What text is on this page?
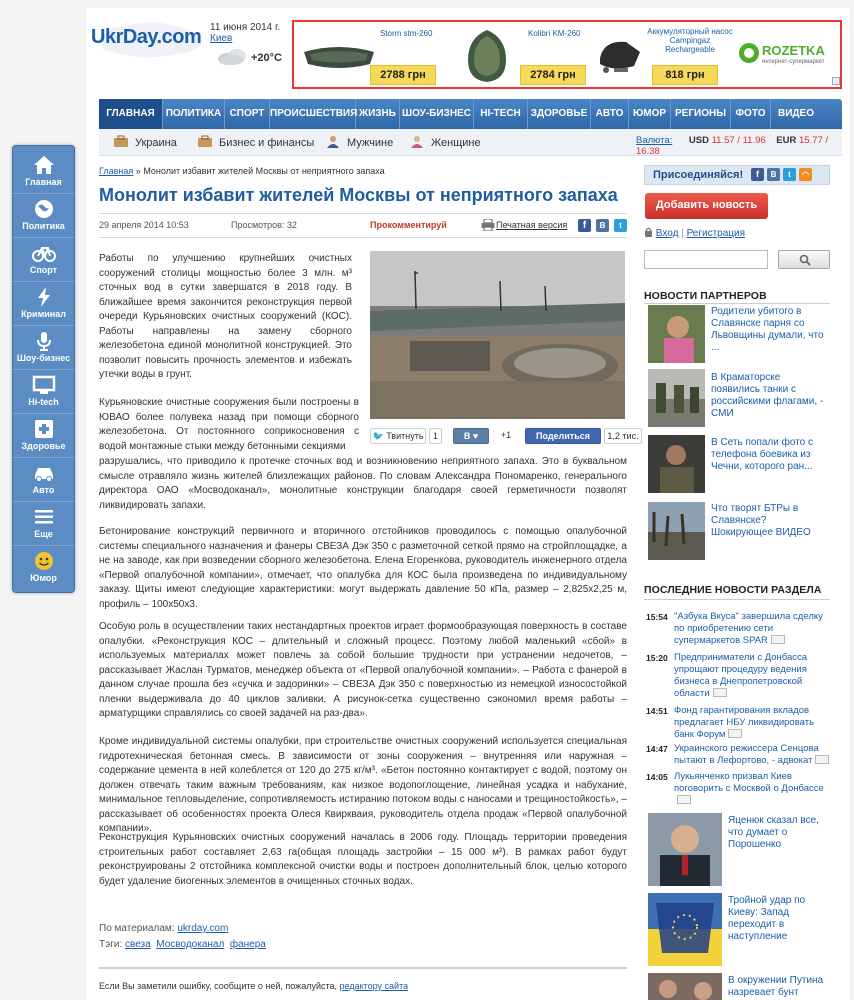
Главная
Политика
Спорт
Криминал
Шоу-бизнес
Hi-tech
Здоровье
Авто
Еще
Юмор
UkrDay.com 11 июня 2014 г.
Киев
+20°C
Storm stm-260
2788 грн
Kolibri KM-260
2784 грн
Аккумуляторный насос Campingaz Rechargeable
818 грн
ROZETKA
интернет-супермаркет
ГЛАВНАЯ	ПОЛИТИКА СПОРТ ПРОИСШЕСТВИЯ ЖИЗНЬ ШОУ-БИЗНЕС HI-TECH ЗДОРОВЬЕ АВТО ЮМОР РЕГИОНЫ ФОТО	ВИДЕО
Украина	Бизнес и финансы	Мужчине	Женщине	Валюта: USD 11.57 / 11.96 EUR 15.77 / 16.38
Главная » Монолит избавит жителей Москвы от неприятного запаха
Монолит избавит жителей Москвы от неприятного запаха
29 апреля 2014 10:53	Просмотров: 32	Прокомментируй	Печатная версия	f	B	t
Работы по улучшению крупнейших очистных сооружений столицы мощностью более 3 млн. м³ сточных вод в сутки завершатся в 2018 году. В ближайшее время закончится реконструкция первой очереди Курьяновских очистных сооружений (КОС). Работы направлены на замену сборного железобетона единой монолитной конструкцией. Это позволит повысить прочность элементов и избежать утечки воды в грунт.
🐦 Твитнуть	1	B ♥	+1	Поделиться	1,2 тис.
Курьяновские очистные сооружения были построены в ЮВАО более полувека назад при помощи сборного железобетона. От постоянного соприкосновения с водой монтажные стыки между бетонными секциями
разрушались, что приводило к протечке сточных вод и возникновению неприятного запаха. Это в буквальном смысле отравляло жизнь жителей близлежащих районов. По словам Александра Пономаренко, генерального директора ОАО «Мосводоканал», монолитные конструкции благодаря своей герметичности позволят ликвидировать запахи.
Бетонирование конструкций первичного и вторичного отстойников проводилось с помощью опалубочной системы специального назначения и фанеры СВЕЗА Дэк 350 с разметочной сеткой прямо на стройплощадке, а не на заводе, как при возведении сборного железобетона. Елена Егоренкова, руководитель инженерного отдела «Первой опалубочной компании», отмечает, что опалубка для КОС была произведена по индивидуальному заказу. Щиты имеют следующие характеристики: могут выдержать давление 50 кПа, размер – 2,825х2,25 м, профиль – 100х50х3.
Особую роль в осуществлении таких нестандартных проектов играет формообразующая поверхность в составе опалубки. «Реконструкция КОС – длительный и сложный процесс. Поэтому любой маленький «сбой» в используемых материалах может повлечь за собой большие трудности при устранении недочетов, – рассказывает Жаслан Турматов, менеджер объекта от «Первой опалубочной компании». – Работа с фанерой в данном случае прошла без «сучка и задоринки» – СВЕЗА Дэк 350 с поверхностью из немецкой износостойкой пленки выдерживала до 40 циклов заливки. А рисунок-сетка существенно сэкономил время работы – арматурщики справлялись со своей задачей на раз-два».
Кроме индивидуальной системы опалубки, при строительстве очистных сооружений используется специальная гидротехническая бетонная смесь. В зависимости от зоны сооружения – внутренняя или наружная – содержание цемента в ней колеблется от 120 до 275 кг/м³. «Бетон постоянно контактирует с водой, поэтому он должен отвечать таким важным требованиям, как низкое водопоглощение, линейная усадка и набухание, минимальное тепловыделение, сопротивляемость истиранию потоком воды с наносами и трещиностойкость», – рассказывает об особенностях проекта Олеся Квиркваия, руководитель отдела продаж «Первой опалубочной компании».
Реконструкция Курьяновских очистных сооружений началась в 2006 году. Площадь территории проведения строительных работ составляет 2,63 га(общая площадь застройки – 15 000 м²). В рамках работ будут реконструированы 2 отстойника комплексной очистки воды и построен дополнительный блок, целью которого будет удаление биогенных элементов в очищенных сточных водах.
По материалам: ukrday.com
Тэги: свеза Мосводоканал фанера
Если Вы заметили ошибку, сообщите о ней, пожалуйста, редактору сайта
Присоединяйся!	f	B	t	◠
Добавить новость
Вход | Регистрация
НОВОСТИ ПАРТНЕРОВ
Родители убитого в Славянске парня со Львовщины думали, что ...
В Краматорске появились танки с российскими флагами, - СМИ
В Сеть попали фото с телефона боевика из Чечни, которого ран...
Что творят БТРы в Славянске? Шокирующее ВИДЕО
ПОСЛЕДНИЕ НОВОСТИ РАЗДЕЛА
15:54 "Азбука Вкуса" завершила сделку по приобретению сети супермаркетов SPAR
15:20 Предприниматели с Донбасса упрощают процедуру ведения бизнеса в Днепропетровской области
14:51 Фонд гарантирования вкладов предлагает НБУ ликвидировать банк Форум
14:47 Украинского режиссера Сенцова пытают в Лефортово, - адвокат
14:05 Лукьянченко призвал Киев поговорить с Москвой о Донбассе
Яценюк сказал все, что думает о Порошенко
Тройной удар по Киеву: Запад переходит в наступление
В окружении Путина назревает бунт
